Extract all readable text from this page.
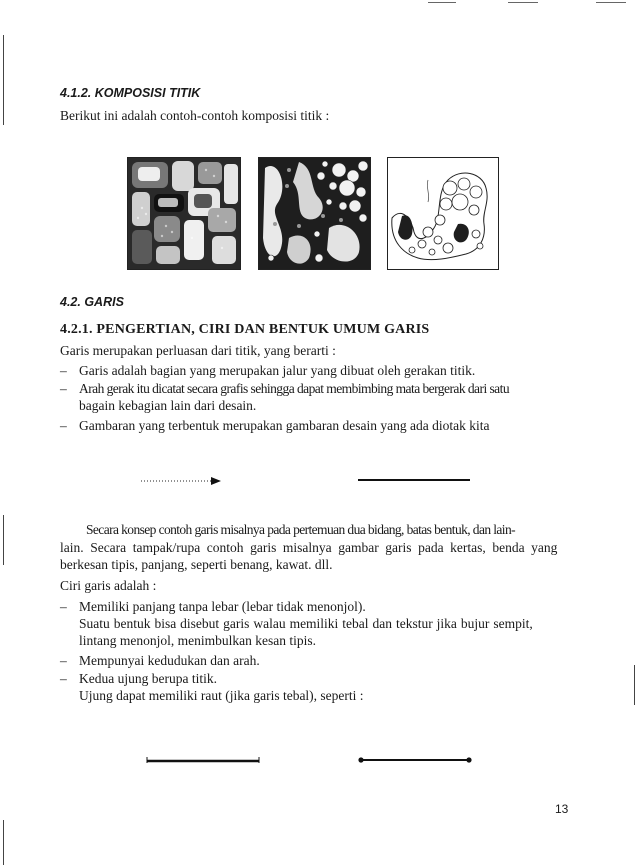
4.1.2. KOMPOSISI TITIK
Berikut ini adalah contoh-contoh komposisi titik :
4.2. GARIS
4.2.1. PENGERTIAN, CIRI DAN BENTUK UMUM GARIS
Garis merupakan perluasan dari titik, yang berarti :
– Garis adalah bagian yang merupakan jalur yang dibuat oleh gerakan titik.
– Arah gerak itu dicatat secara grafis sehingga dapat membimbing mata bergerak dari satu
bagain kebagian lain dari desain.
– Gambaran yang terbentuk merupakan gambaran desain yang ada diotak kita
Secara konsep contoh garis misalnya pada pertemuan dua bidang, batas bentuk, dan lain-
lain. Secara tampak/rupa contoh garis misalnya gambar garis pada kertas, benda yang
berkesan tipis, panjang, seperti benang, kawat. dll.
Ciri garis adalah :
– Memiliki panjang tanpa lebar (lebar tidak menonjol).
Suatu bentuk bisa disebut garis walau memiliki tebal dan tekstur jika bujur sempit,
lintang menonjol, menimbulkan kesan tipis.
– Mempunyai kedudukan dan arah.
– Kedua ujung berupa titik.
Ujung dapat memiliki raut (jika garis tebal), seperti :
13
